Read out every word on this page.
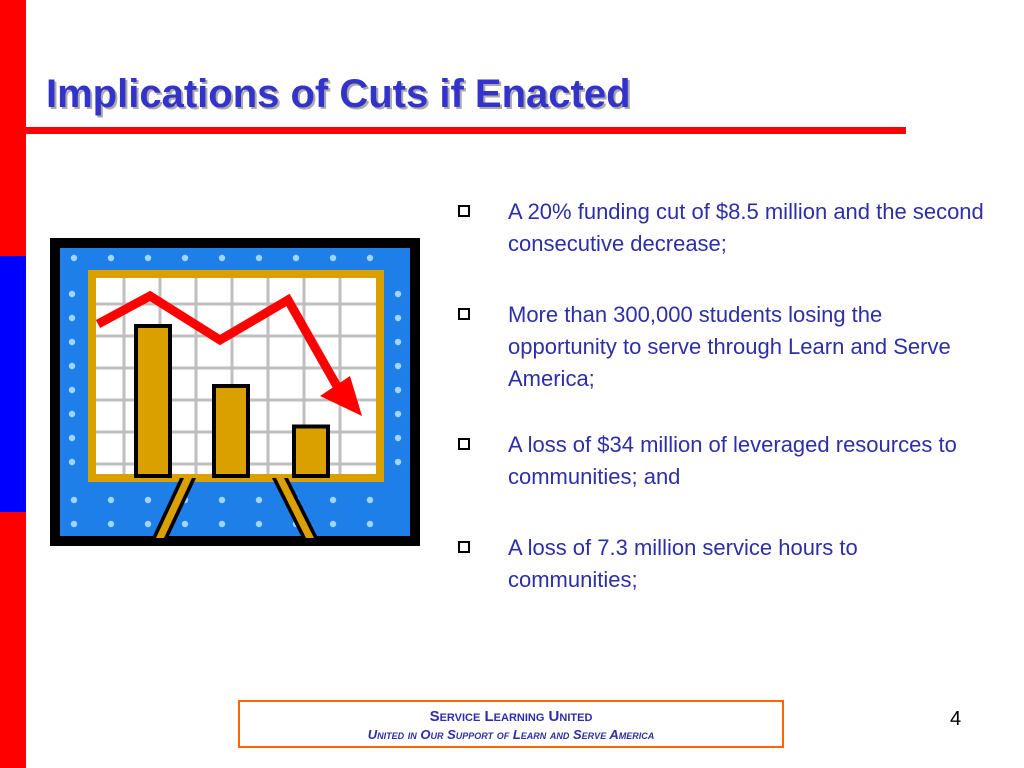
Implications of Cuts if Enacted
A 20% funding cut of $8.5 million and the second consecutive decrease;
More than 300,000 students losing the opportunity to serve through Learn and Serve America;
A loss of $34 million of leveraged resources to communities; and
A loss of 7.3 million service hours to communities;
Service Learning United
United in Our Support of Learn and Serve America
4
